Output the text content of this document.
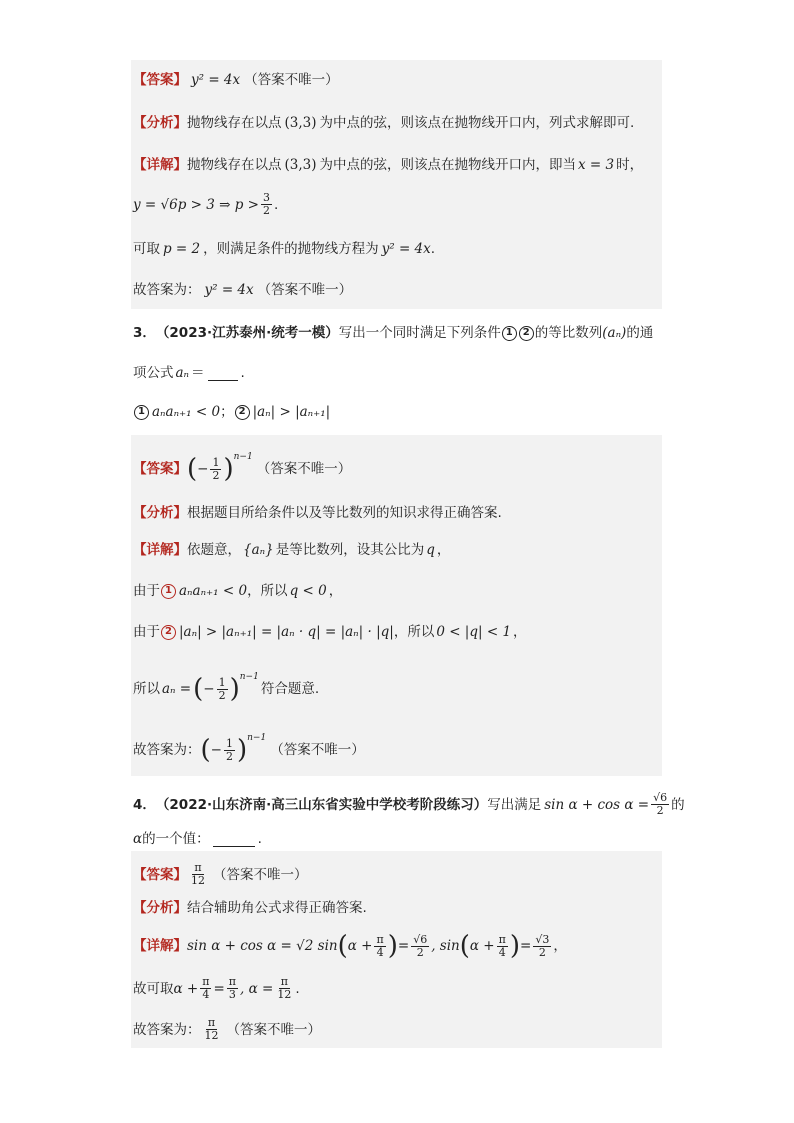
【答案】 y² = 4x （答案不唯一）
【分析】 抛物线存在以点 (3,3) 为中点的弦，则该点在抛物线开口内，列式求解即可.
【详解】 抛物线存在以点 (3,3) 为中点的弦，则该点在抛物线开口内，即当 x = 3 时，
y = √6p > 3 ⇒ $p > \frac{3}{2}$ .
可取 p = 2 ，则满足条件的抛物线方程为 y² = 4x .
故答案为： y² = 4x （答案不唯一）
3． （2023·江苏泰州·统考一模） 写出一个同时满足下列条件 1	2 的等比数列 (aₙ) 的通
项公式 aₙ ＝	.
1 aₙaₙ₊₁ < 0 ； 2 |aₙ| > |aₙ₊₁|
【答案】 ( − $\frac{1}{2}$ ) n−1
（答案不唯一）
【分析】 根据题目所给条件以及等比数列的知识求得正确答案.
【详解】 依题意， {aₙ} 是等比数列，设其公比为 q ，
由于 1 aₙaₙ₊₁ < 0 ，所以 q < 0 ，
由于 2 |aₙ| > |aₙ₊₁| = |aₙ · q| = |aₙ| · |q| ，所以 0 < |q| < 1 ，
所以 aₙ = ( − $\frac{1}{2}$ ) n−1
符合题意.
故答案为： ( − $\frac{1}{2}$ ) n−1
（答案不唯一）
4． （2022·山东济南·高三山东省实验中学校考阶段练习） 写出满足 $\sin \alpha + \cos \alpha = \frac{√6}{2}$ 的
α 的一个值：	.
【答案】 $\frac{\pi}{12}$ （答案不唯一）
【分析】 结合辅助角公式求得正确答案.
【详解】 sin α + cos α = √2 sin ( $\alpha + \frac{\pi}{4}$ ) = $\frac{√6}{2}$ , sin ( $\alpha + \frac{\pi}{4}$ ) = $\frac{√3}{2}$ ，
故可取 $\alpha + \frac{\pi}{4} = \frac{\pi}{3}$ , $\alpha = \frac{\pi}{12}$ .
故答案为： $\frac{\pi}{12}$ （答案不唯一）
